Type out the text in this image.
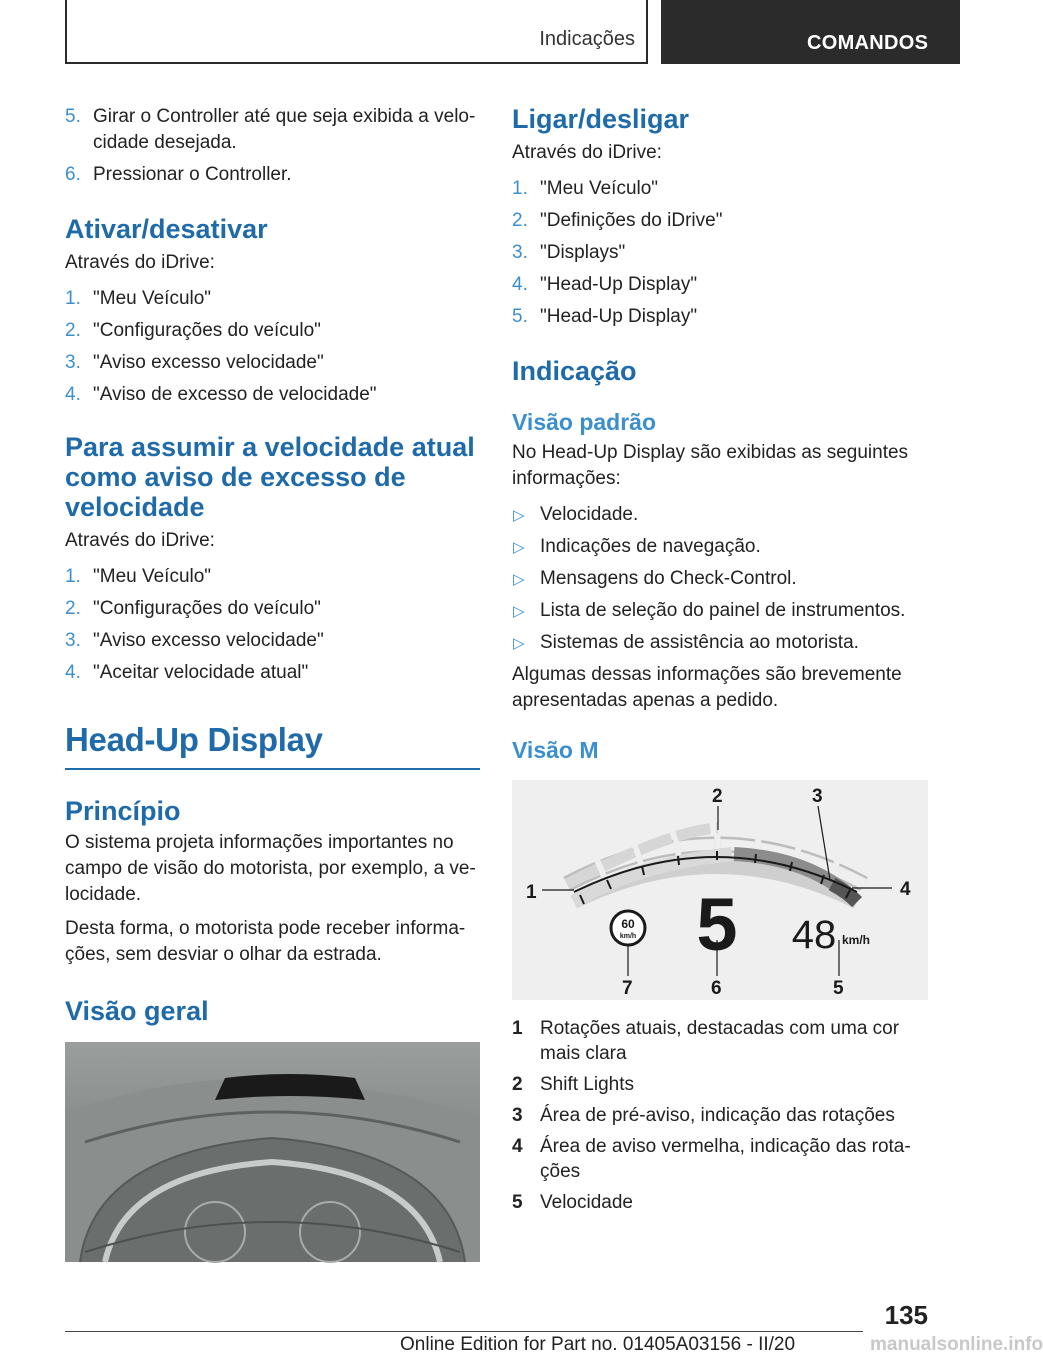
Indicações	COMANDOS
5. Girar o Controller até que seja exibida a velo-cidade desejada.
6. Pressionar o Controller.
Ativar/desativar

Através do iDrive:

1. "Meu Veículo"
2. "Configurações do veículo"
3. "Aviso excesso velocidade"
4. "Aviso de excesso de velocidade"
Para assumir a velocidade atual como aviso de excesso de velocidade

Através do iDrive:

1. "Meu Veículo"
2. "Configurações do veículo"
3. "Aviso excesso velocidade"
4. "Aceitar velocidade atual"
Head-Up Display
Princípio

O sistema projeta informações importantes no campo de visão do motorista, por exemplo, a ve-locidade.

Desta forma, o motorista pode receber informa-ções, sem desviar o olhar da estrada.

Visão geral
Ligar/desligar

Através do iDrive:

1. "Meu Veículo"
2. "Definições do iDrive"
3. "Displays"
4. "Head-Up Display"
5. "Head-Up Display"
Indicação
Visão padrão

No Head-Up Display são exibidas as seguintes informações:

▷ Velocidade.
▷ Indicações de navegação.
▷ Mensagens do Check-Control.
▷ Lista de seleção do painel de instrumentos.
▷ Sistemas de assistência ao motorista.

Algumas dessas informações são brevemente apresentadas apenas a pedido.

Visão M
1
2	3
4
5
6
7
60
km/h 5 48 km/h
1 Rotações atuais, destacadas com uma cor mais clara
2 Shift Lights
3 Área de pré-aviso, indicação das rotações
4 Área de aviso vermelha, indicação das rota-ções
5 Velocidade
135
Online Edition for Part no. 01405A03156 - II/20	manualsonline.info
